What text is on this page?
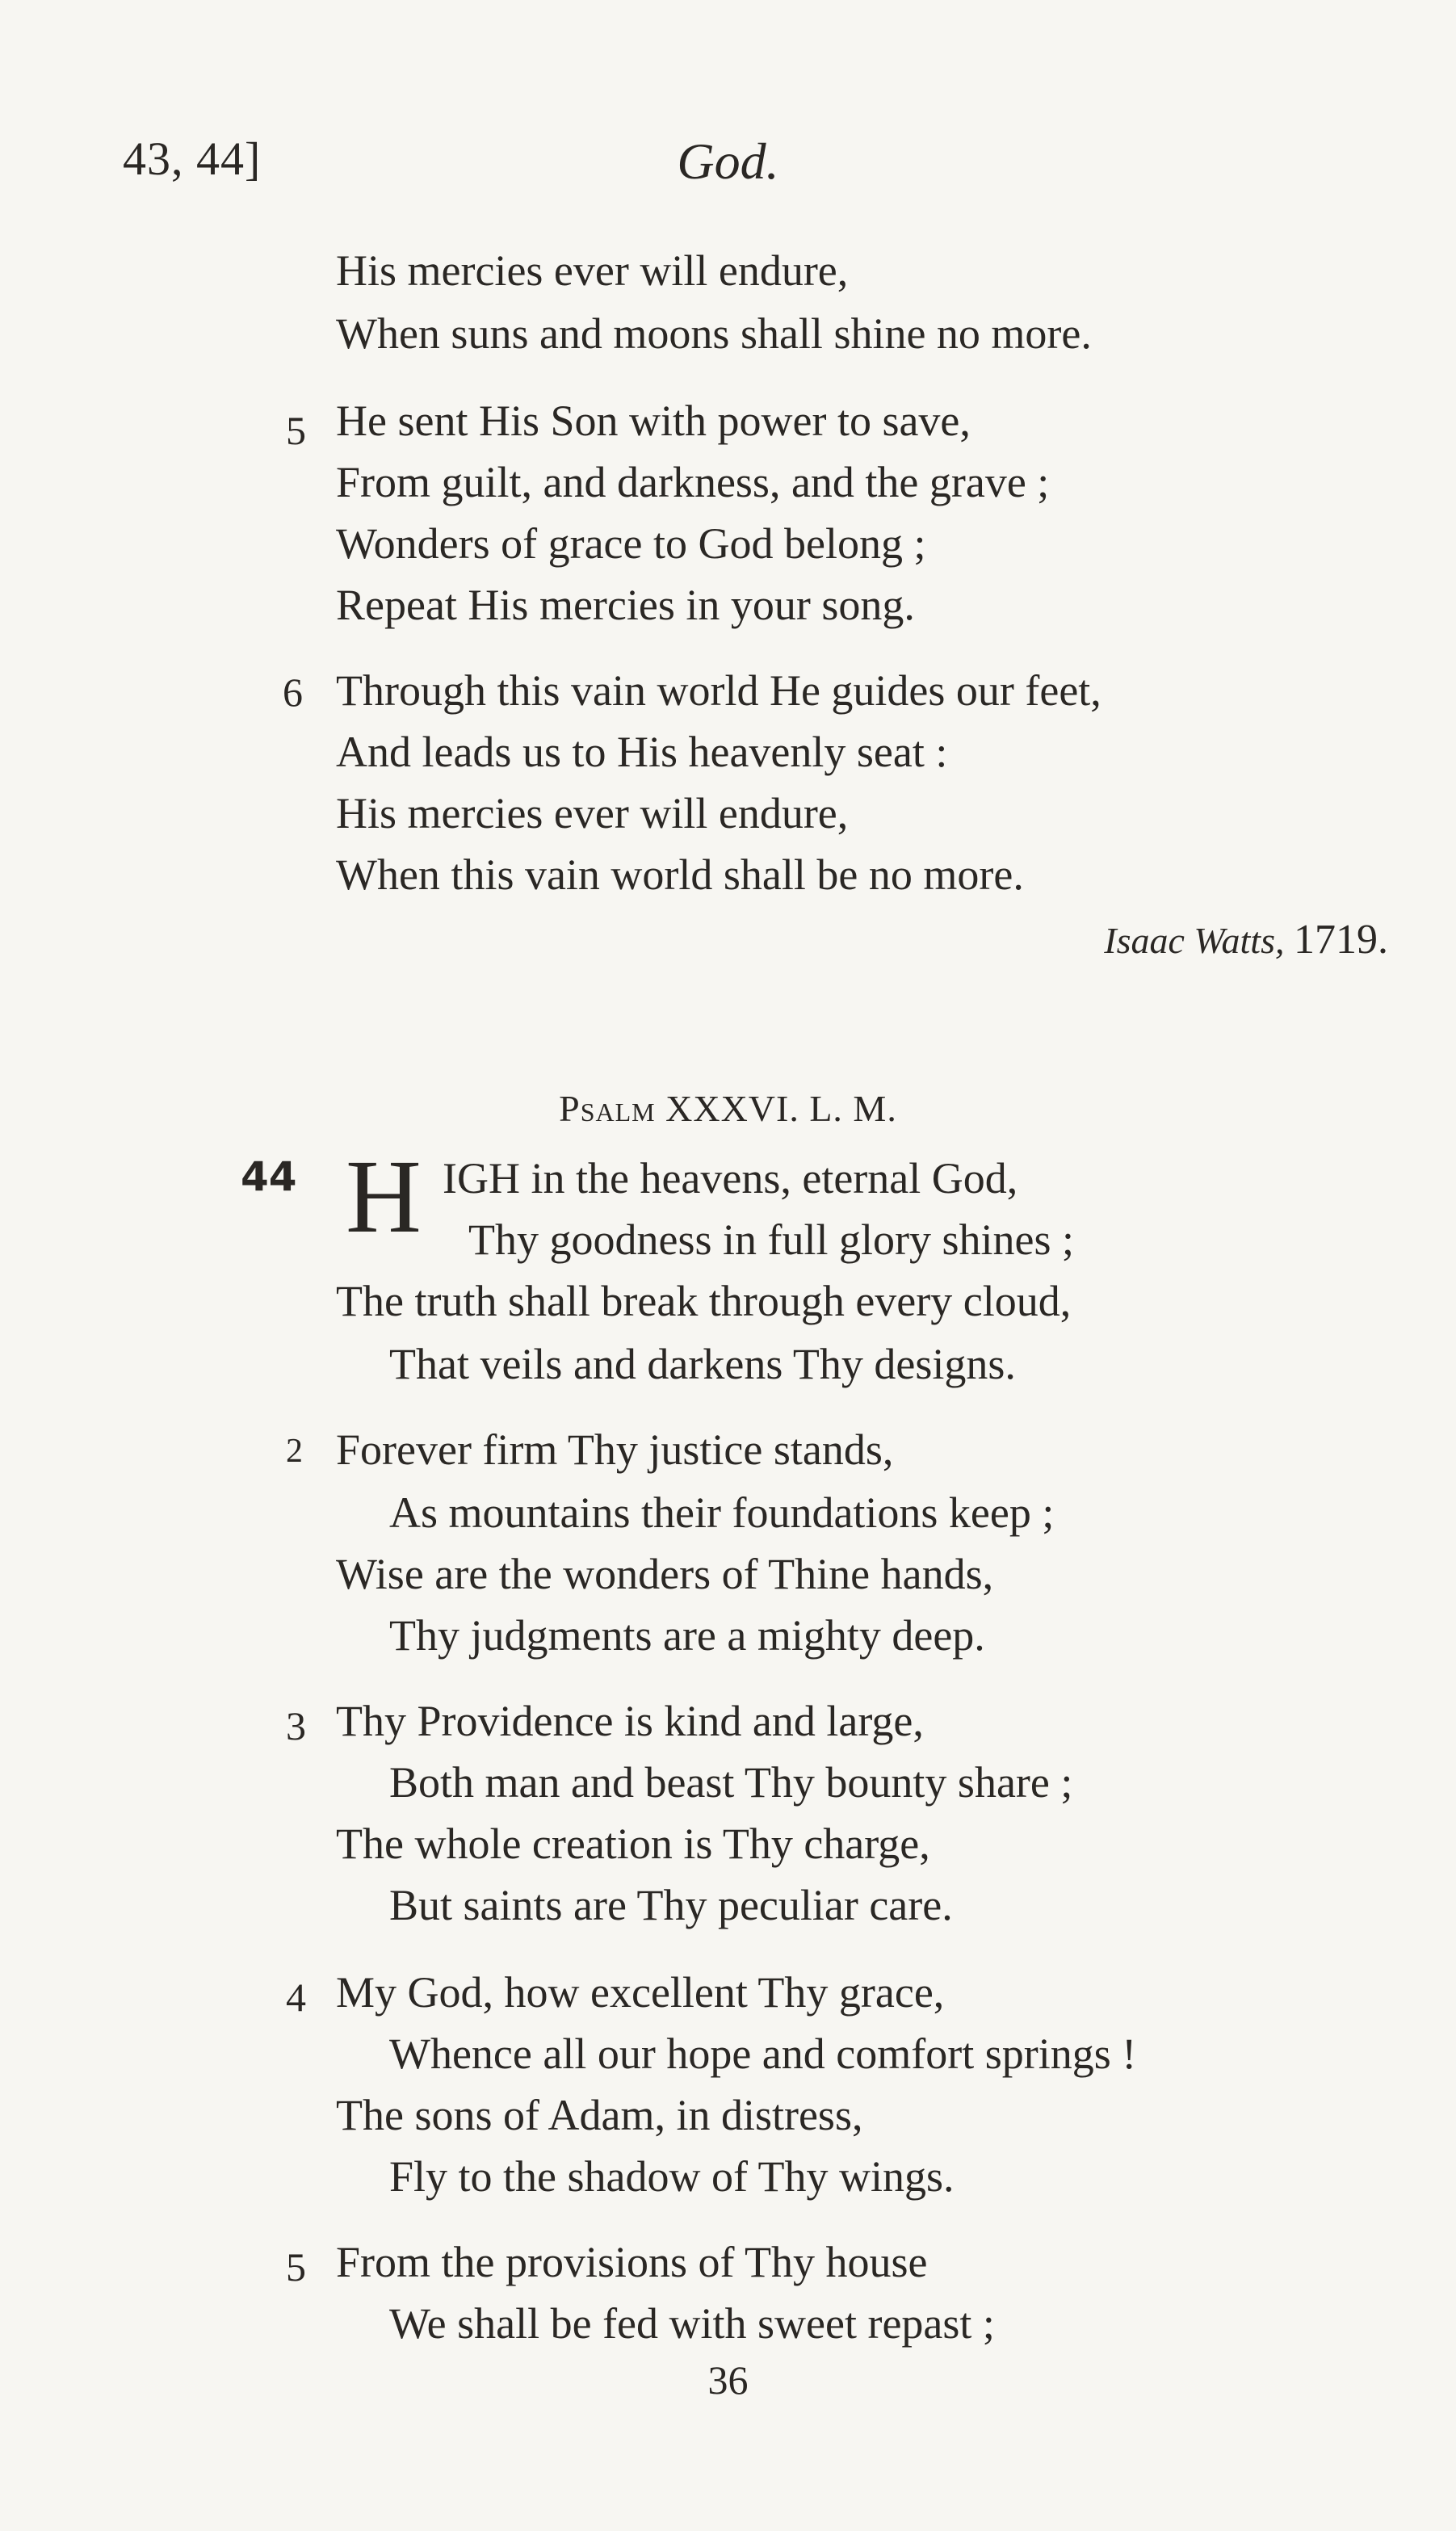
43, 44]	God.
His mercies ever will endure,
When suns and moons shall shine no more.
5 He sent His Son with power to save,
From guilt, and darkness, and the grave ;
Wonders of grace to God belong ;
Repeat His mercies in your song.
6 Through this vain world He guides our feet,
And leads us to His heavenly seat :
His mercies ever will endure,
When this vain world shall be no more.
Isaac Watts, 1719.
Psalm XXXVI. L. M.
44 H IGH in the heavens, eternal God,
Thy goodness in full glory shines ;
The truth shall break through every cloud,
That veils and darkens Thy designs.
2 Forever firm Thy justice stands,
As mountains their foundations keep ;
Wise are the wonders of Thine hands,
Thy judgments are a mighty deep.
3 Thy Providence is kind and large,
Both man and beast Thy bounty share ;
The whole creation is Thy charge,
But saints are Thy peculiar care.
4 My God, how excellent Thy grace,
Whence all our hope and comfort springs !
The sons of Adam, in distress,
Fly to the shadow of Thy wings.
5 From the provisions of Thy house
We shall be fed with sweet repast ;
36
